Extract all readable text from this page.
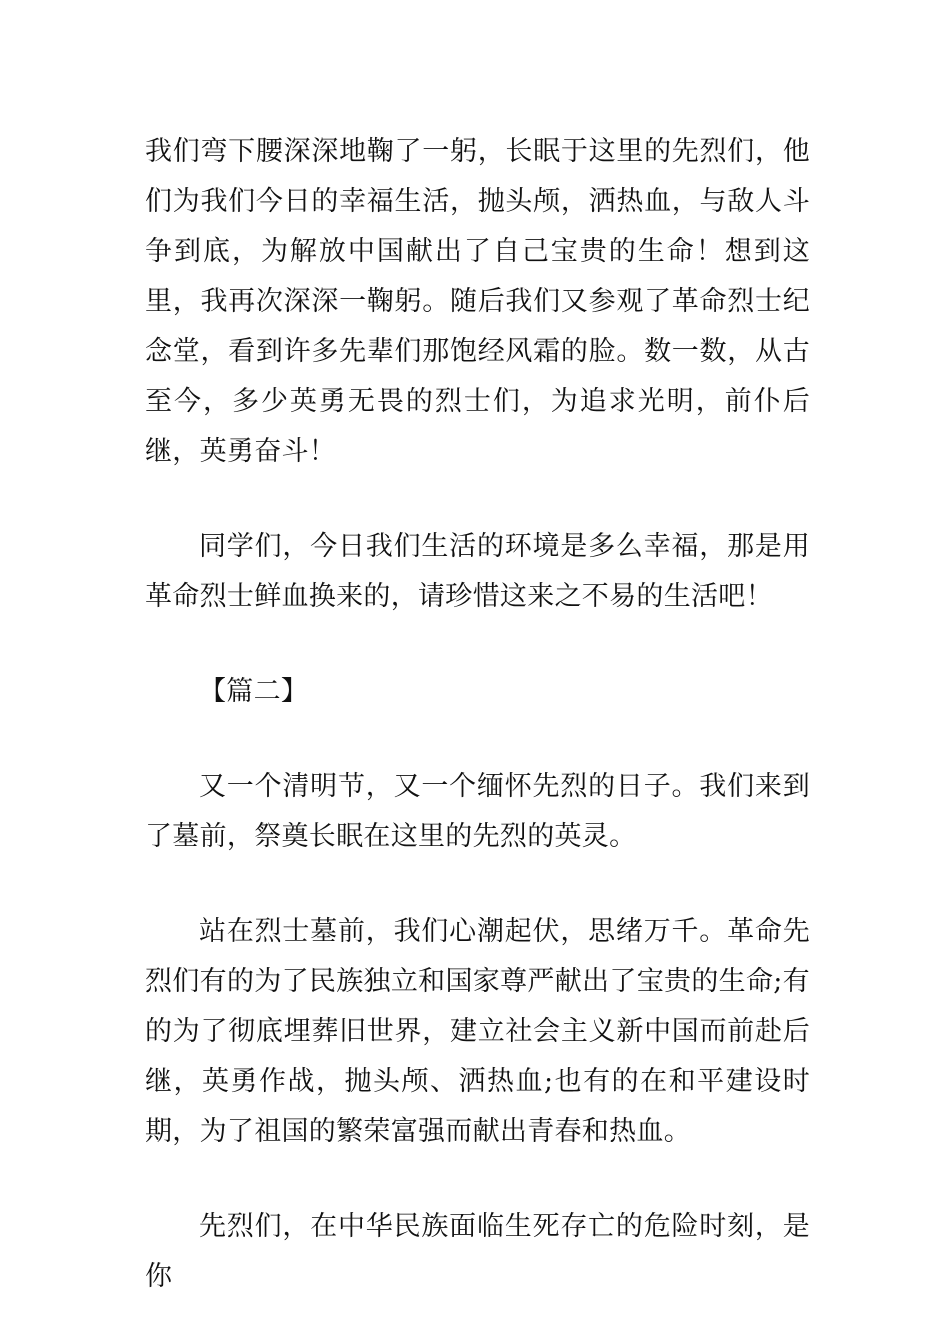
我们弯下腰深深地鞠了一躬，长眠于这里的先烈们，他们为我们今日的幸福生活，抛头颅，洒热血，与敌人斗争到底，为解放中国献出了自己宝贵的生命！想到这里，我再次深深一鞠躬。随后我们又参观了革命烈士纪念堂，看到许多先辈们那饱经风霜的脸。数一数，从古至今，多少英勇无畏的烈士们，为追求光明，前仆后继，英勇奋斗！

同学们，今日我们生活的环境是多么幸福，那是用革命烈士鲜血换来的，请珍惜这来之不易的生活吧！

【篇二】

又一个清明节，又一个缅怀先烈的日子。我们来到了墓前，祭奠长眠在这里的先烈的英灵。

站在烈士墓前，我们心潮起伏，思绪万千。革命先烈们有的为了民族独立和国家尊严献出了宝贵的生命;有的为了彻底埋葬旧世界，建立社会主义新中国而前赴后继，英勇作战，抛头颅、洒热血;也有的在和平建设时期，为了祖国的繁荣富强而献出青春和热血。

先烈们，在中华民族面临生死存亡的危险时刻，是你
